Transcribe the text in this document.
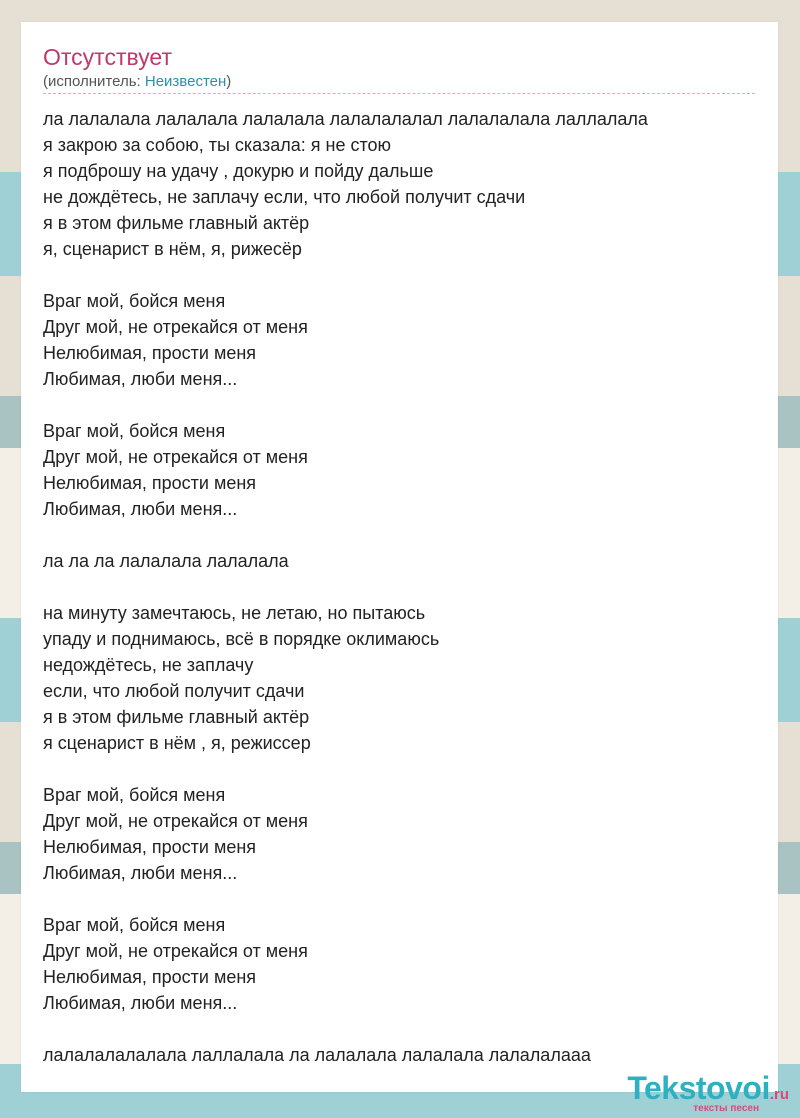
Отсутствует
(исполнитель: Неизвестен)
ла лалалала лалалала лалалала лалалалалал лалалалала лаллалала
я закрою за собою, ты сказала: я не стою
я подброшу на удачу , докурю и пойду дальше
не дождётесь, не заплачу если, что любой получит сдачи
я в этом фильме главный актёр
я, сценарист в нём, я, рижесёр
Враг мой, бойся меня
Друг мой, не отрекайся от меня
Нелюбимая, прости меня
Любимая, люби меня...
Враг мой, бойся меня
Друг мой, не отрекайся от меня
Нелюбимая, прости меня
Любимая, люби меня...
ла ла ла лалалала лалалала
на минуту замечтаюсь, не летаю, но пытаюсь
упаду и поднимаюсь, всё в порядке оклимаюсь
недождётесь, не заплачу
если, что любой получит сдачи
я в этом фильме главный актёр
я сценарист в нём , я, режиссер
Враг мой, бойся меня
Друг мой, не отрекайся от меня
Нелюбимая, прости меня
Любимая, люби меня...
Враг мой, бойся меня
Друг мой, не отрекайся от меня
Нелюбимая, прости меня
Любимая, люби меня...
лалалалалалала лаллалала ла лалалала лалалала лалалалааа
Tekstovoi.ru
тексты песен
